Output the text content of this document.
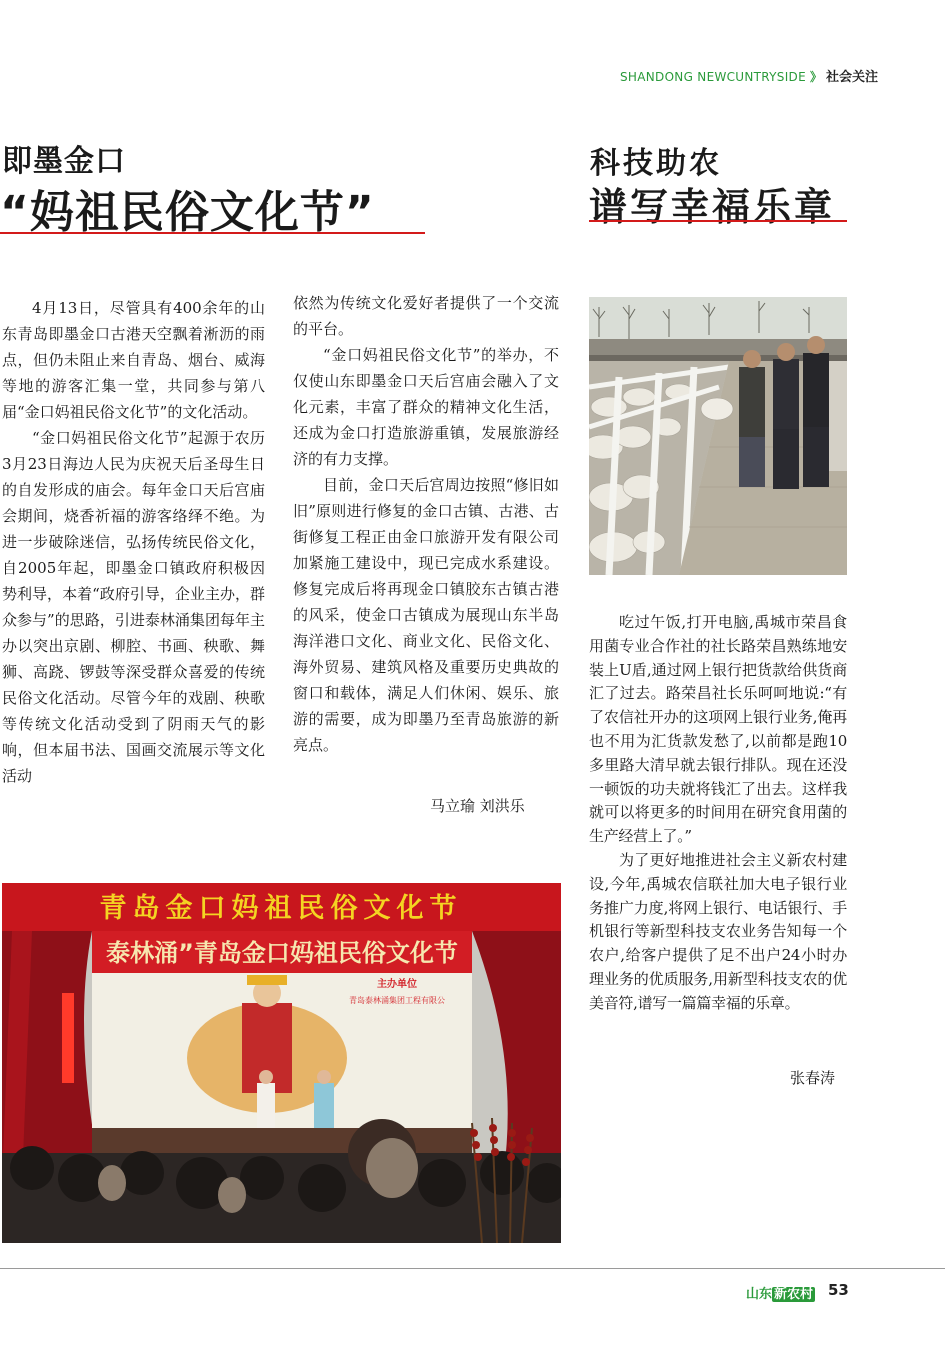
SHANDONG NEWCUNTRYSIDE 》 社会关注
即墨金口
“妈祖民俗文化节”
科技助农
谱写幸福乐章

4月13日，尽管具有400余年的山东青岛即墨金口古港天空飘着淅沥的雨点，但仍未阻止来自青岛、烟台、威海等地的游客汇集一堂，共同参与第八届“金口妈祖民俗文化节”的文化活动。

“金口妈祖民俗文化节”起源于农历3月23日海边人民为庆祝天后圣母生日的自发形成的庙会。每年金口天后宫庙会期间，烧香祈福的游客络绎不绝。为进一步破除迷信，弘扬传统民俗文化，自2005年起，即墨金口镇政府积极因势利导，本着“政府引导，企业主办，群众参与”的思路，引进泰林涌集团每年主办以突出京剧、柳腔、书画、秧歌、舞狮、高跷、锣鼓等深受群众喜爱的传统民俗文化活动。尽管今年的戏剧、秧歌等传统文化活动受到了阴雨天气的影响，但本届书法、国画交流展示等文化活动

依然为传统文化爱好者提供了一个交流的平台。

“金口妈祖民俗文化节”的举办，不仅使山东即墨金口天后宫庙会融入了文化元素，丰富了群众的精神文化生活，还成为金口打造旅游重镇，发展旅游经济的有力支撑。

目前，金口天后宫周边按照“修旧如旧”原则进行修复的金口古镇、古港、古街修复工程正由金口旅游开发有限公司加紧施工建设中，现已完成水系建设。修复完成后将再现金口镇胶东古镇古港的风采，使金口古镇成为展现山东半岛海洋港口文化、商业文化、民俗文化、海外贸易、建筑风格及重要历史典故的窗口和载体，满足人们休闲、娱乐、旅游的需要，成为即墨乃至青岛旅游的新亮点。

马立瑜 刘洪乐

吃过午饭,打开电脑,禹城市荣昌食用菌专业合作社的社长路荣昌熟练地安装上U盾,通过网上银行把货款给供货商汇了过去。路荣昌社长乐呵呵地说:“有了农信社开办的这项网上银行业务,俺再也不用为汇货款发愁了,以前都是跑10多里路大清早就去银行排队。现在还没一顿饭的功夫就将钱汇了出去。这样我就可以将更多的时间用在研究食用菌的生产经营上了。”

为了更好地推进社会主义新农村建设,今年,禹城农信联社加大电子银行业务推广力度,将网上银行、电话银行、手机银行等新型科技支农业务告知每一个农户,给客户提供了足不出户24小时办理业务的优质服务,用新型科技支农的优美音符,谱写一篇篇幸福的乐章。

张春涛
青岛金口妈祖民俗文化节
泰林涌”青岛金口妈祖民俗文化节
主办单位
青岛泰林涌集团工程有限公
山东 新农村 53
